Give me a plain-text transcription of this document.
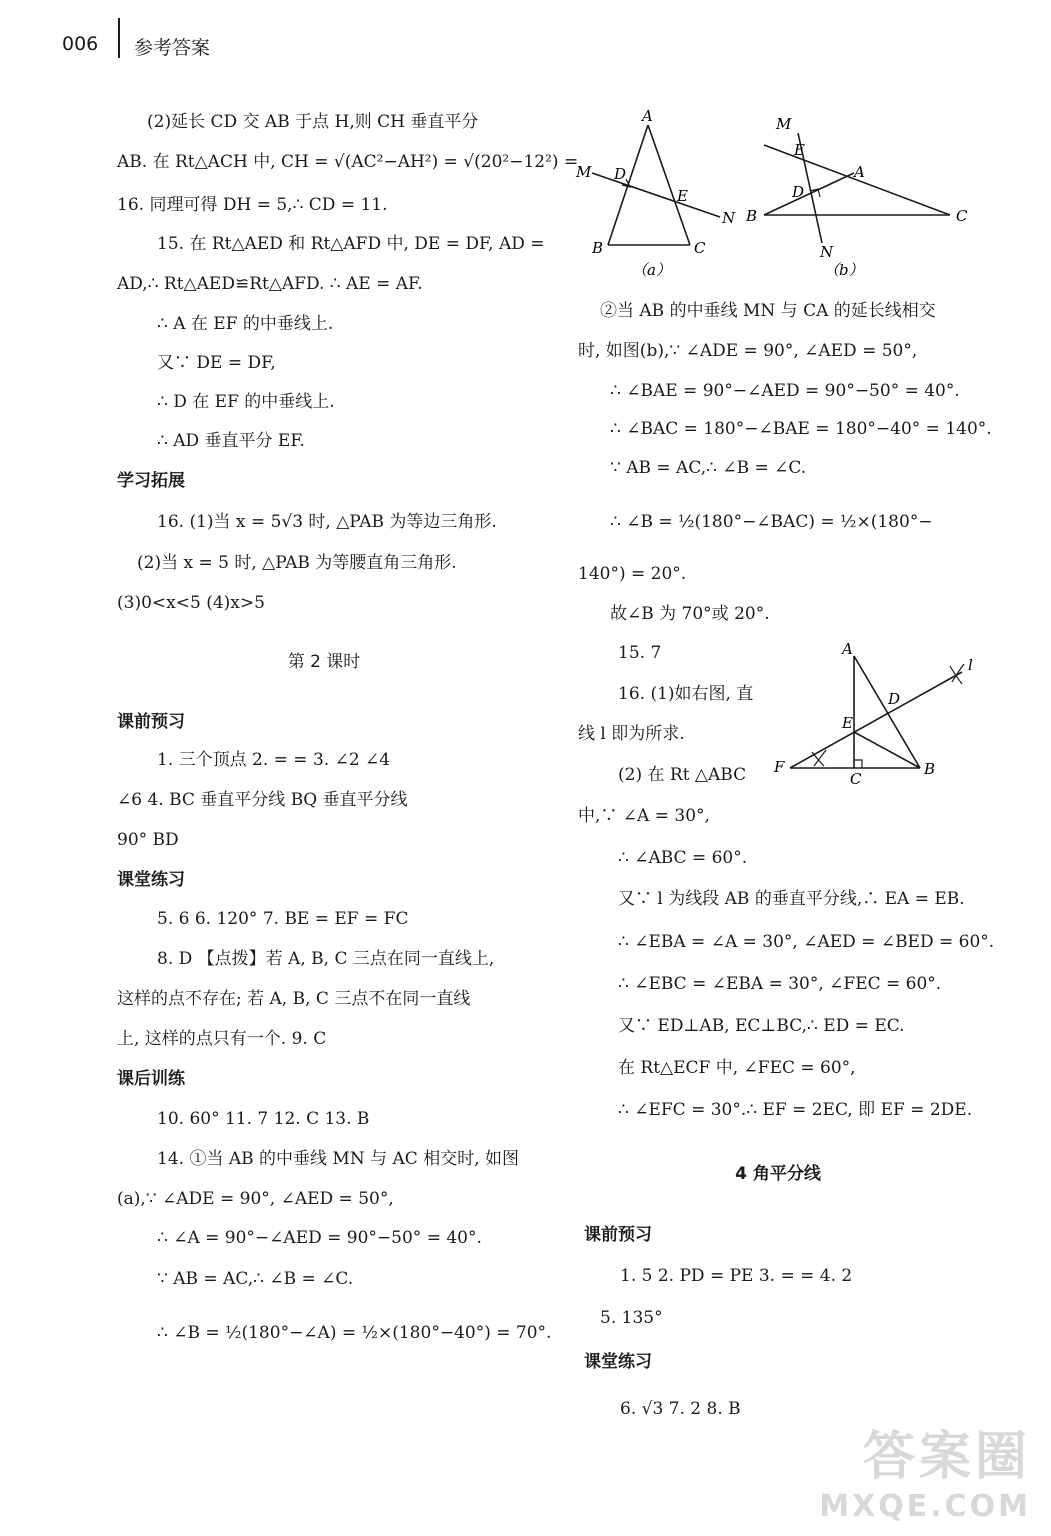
006 参考答案
(2)延长 CD 交 AB 于点 H,则 CH 垂直平分
AB. 在 Rt△ACH 中, CH = √(AC²−AH²) = √(20²−12²) =
16. 同理可得 DH = 5,∴ CD = 11.
15. 在 Rt△AED 和 Rt△AFD 中, DE = DF, AD =
AD,∴ Rt△AED≌Rt△AFD. ∴ AE = AF.
∴ A 在 EF 的中垂线上.
又∵ DE = DF,
∴ D 在 EF 的中垂线上.
∴ AD 垂直平分 EF.
学习拓展
16. (1)当 x = 5√3 时, △PAB 为等边三角形.
(2)当 x = 5 时, △PAB 为等腰直角三角形.
(3)0<x<5 (4)x>5
第 2 课时
课前预习
1. 三个顶点 2. = = 3. ∠2 ∠4
∠6 4. BC 垂直平分线 BQ 垂直平分线
90° BD
课堂练习
5. 6 6. 120° 7. BE = EF = FC
8. D 【点拨】若 A, B, C 三点在同一直线上,
这样的点不存在; 若 A, B, C 三点不在同一直线
上, 这样的点只有一个. 9. C
课后训练
10. 60° 11. 7 12. C 13. B
14. ①当 AB 的中垂线 MN 与 AC 相交时, 如图
(a),∵ ∠ADE = 90°, ∠AED = 50°,
∴ ∠A = 90°−∠AED = 90°−50° = 40°.
∵ AB = AC,∴ ∠B = ∠C.
∴ ∠B = ½(180°−∠A) = ½×(180°−40°) = 70°.
A
M D
E
N
B	C
（a）
M
E
A
D
B	C
N
（b）
②当 AB 的中垂线 MN 与 CA 的延长线相交
时, 如图(b),∵ ∠ADE = 90°, ∠AED = 50°,
∴ ∠BAE = 90°−∠AED = 90°−50° = 40°.
∴ ∠BAC = 180°−∠BAE = 180°−40° = 140°.
∵ AB = AC,∴ ∠B = ∠C.
∴ ∠B = ½(180°−∠BAC) = ½×(180°−
140°) = 20°.
故∠B 为 70°或 20°.
15. 7
16. (1)如右图, 直
线 l 即为所求.
(2) 在 Rt △ABC
中,∵ ∠A = 30°,
∴ ∠ABC = 60°.
又∵ l 为线段 AB 的垂直平分线,∴ EA = EB.
∴ ∠EBA = ∠A = 30°, ∠AED = ∠BED = 60°.
∴ ∠EBC = ∠EBA = 30°, ∠FEC = 60°.
又∵ ED⊥AB, EC⊥BC,∴ ED = EC.
在 Rt△ECF 中, ∠FEC = 60°,
∴ ∠EFC = 30°.∴ EF = 2EC, 即 EF = 2DE.
4 角平分线
课前预习
1. 5 2. PD = PE 3. = = 4. 2
5. 135°
课堂练习
6. √3 7. 2 8. B
A
l
D
E
F
C
B
答案圈
MXQE.COM
